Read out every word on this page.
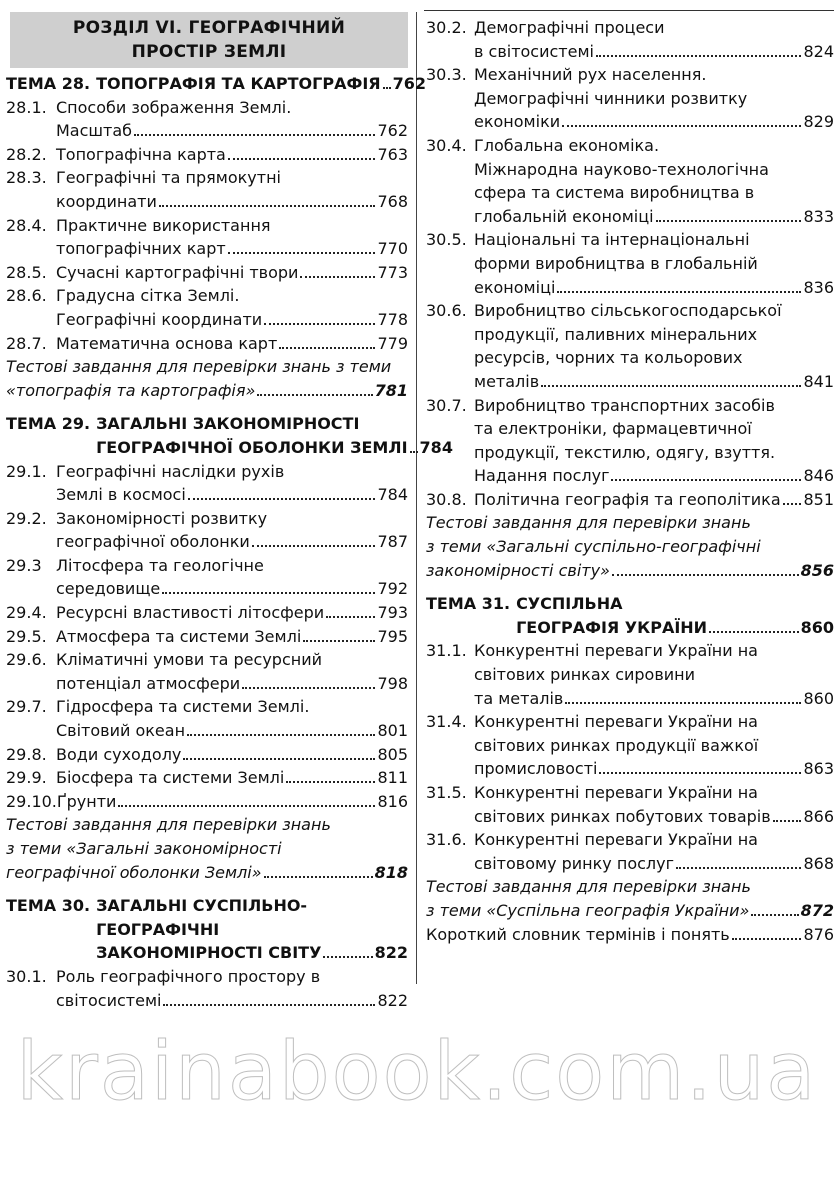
РОЗДІЛ VI. ГЕОГРАФІЧНИЙ
ПРОСТІР ЗЕМЛІ
ТЕМА 28. ТОПОГРАФІЯ ТА КАРТОГРАФІЯ 762
28.1. Способи зображення Землі.
Масштаб	762
28.2. Топографічна карта	763
28.3. Географічні та прямокутні
координати	768
28.4. Практичне використання
топографічних карт	770
28.5. Сучасні картографічні твори	773
28.6. Градусна сітка Землі.
Географічні координати	778
28.7. Математична основа карт	779
Тестові завдання для перевірки знань з теми
«топографія та картографія»	781
ТЕМА 29. ЗАГАЛЬНІ ЗАКОНОМІРНОСТІ
ГЕОГРАФІЧНОЇ ОБОЛОНКИ ЗЕМЛІ 784
29.1. Географічні наслідки рухів
Землі в космосі	784
29.2. Закономірності розвитку
географічної оболонки	787
29.3 Літосфера та геологічне
середовище	792
29.4. Ресурсні властивості літосфери	793
29.5. Атмосфера та системи Землі	795
29.6. Кліматичні умови та ресурсний
потенціал атмосфери	798
29.7. Гідросфера та системи Землі.
Світовий океан	801
29.8. Води суходолу	805
29.9. Біосфера та системи Землі	811
29.10. Ґрунти	816
Тестові завдання для перевірки знань
з теми «Загальні закономірності
географічної оболонки Землі»	818
ТЕМА 30. ЗАГАЛЬНІ СУСПІЛЬНО-ГЕОГРАФІЧНІ
ЗАКОНОМІРНОСТІ СВІТУ	822
30.1. Роль географічного простору в
світосистемі	822
30.2. Демографічні процеси
в світосистемі	824
30.3. Механічний рух населення.
Демографічні чинники розвитку
економіки	829
30.4. Глобальна економіка.
Міжнародна науково-технологічна
сфера та система виробництва в
глобальній економіці	833
30.5. Національні та інтернаціональні
форми виробництва в глобальній
економіці	836
30.6. Виробництво сільськогосподарської
продукції, паливних мінеральних
ресурсів, чорних та кольорових
металів	841
30.7. Виробництво транспортних засобів
та електроніки, фармацевтичної
продукції, текстилю, одягу, взуття.
Надання послуг	846
30.8. Політична географія та геополітика 851
Тестові завдання для перевірки знань
з теми «Загальні суспільно-географічні
закономірності світу»	856
ТЕМА 31. СУСПІЛЬНА
ГЕОГРАФІЯ УКРАЇНИ	860
31.1. Конкурентні переваги України на
світових ринках сировини
та металів	860
31.4. Конкурентні переваги України на
світових ринках продукції важкої
промисловості	863
31.5. Конкурентні переваги України на
світових ринках побутових товарів 866
31.6. Конкурентні переваги України на
світовому ринку послуг	868
Тестові завдання для перевірки знань
з теми «Суспільна географія України»	872
Короткий словник термінів і понять	876
krainabook.com.ua
